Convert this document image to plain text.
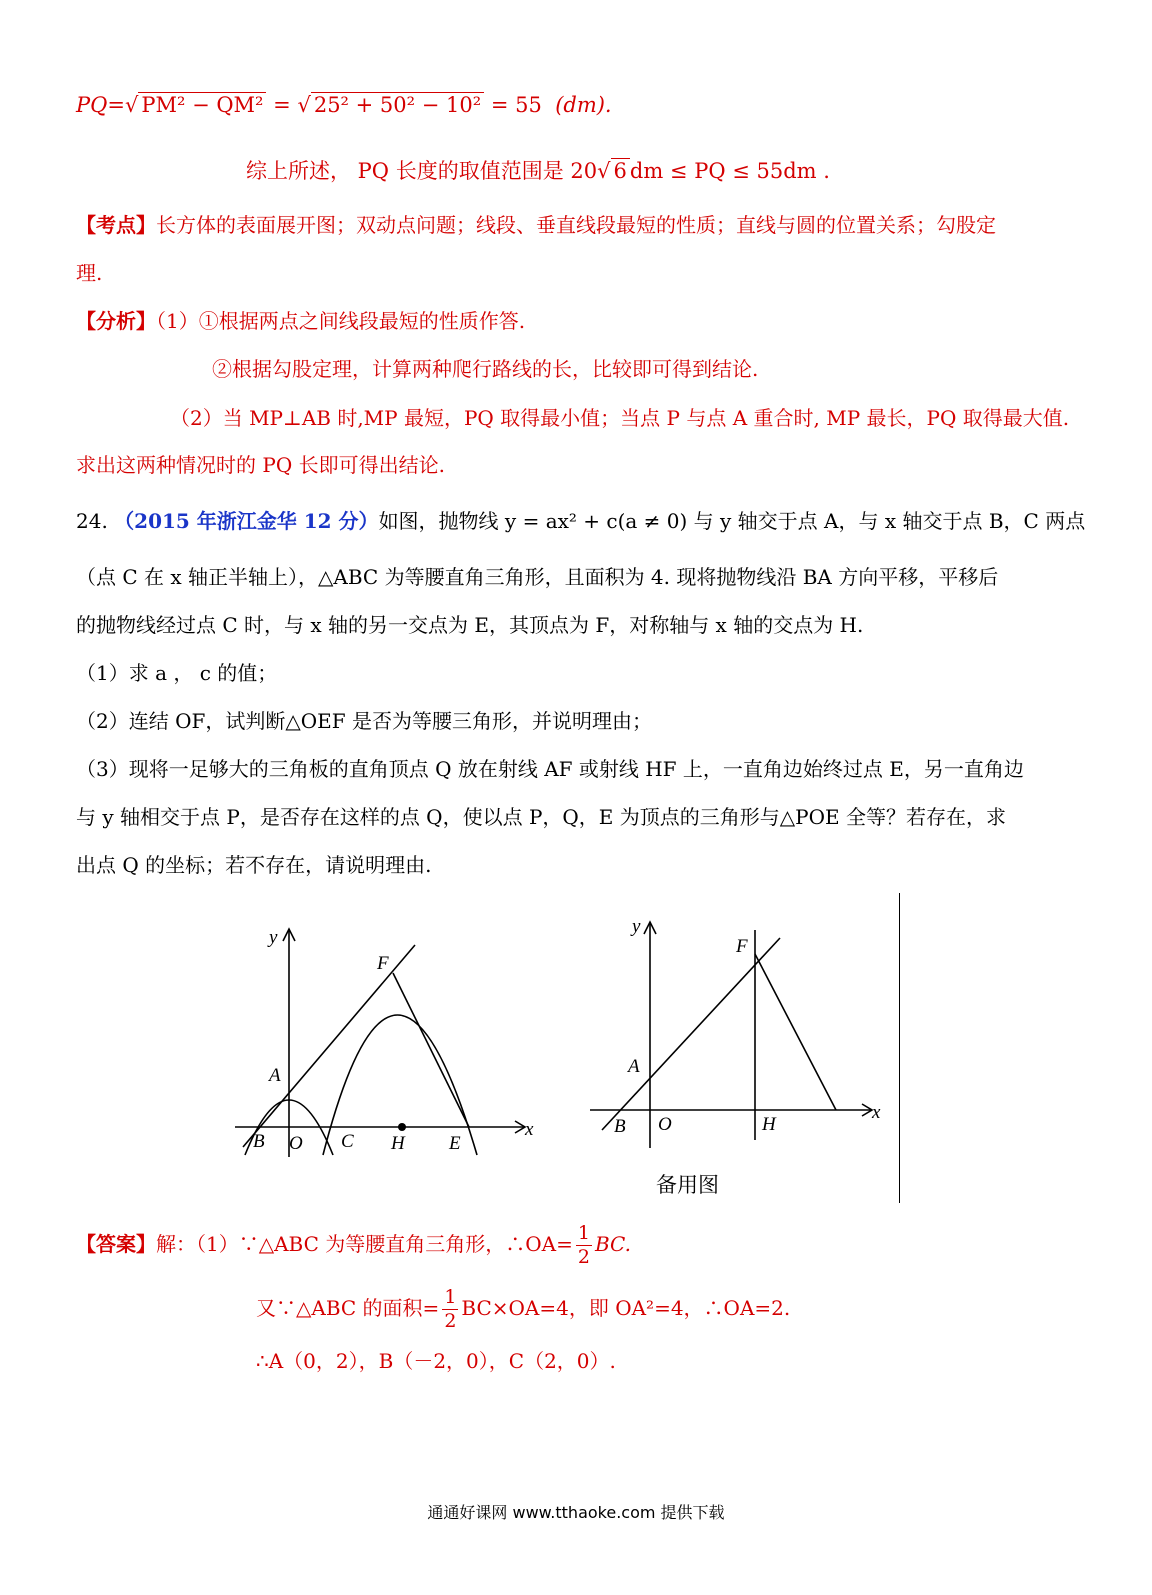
PQ=√ PM² − QM² = √ 25² + 50² − 10² = 55 (dm).
综上所述， PQ 长度的取值范围是 20√ 6 dm ≤ PQ ≤ 55dm .
【考点】长方体的表面展开图；双动点问题；线段、垂直线段最短的性质；直线与圆的位置关系；勾股定
理.
【分析】（1）①根据两点之间线段最短的性质作答.
②根据勾股定理，计算两种爬行路线的长，比较即可得到结论.
（2）当 MP⊥AB 时,MP 最短，PQ 取得最小值；当点 P 与点 A 重合时, MP 最长，PQ 取得最大值.
求出这两种情况时的 PQ 长即可得出结论.
24. （2015 年浙江金华 12 分）如图，抛物线 y = ax² + c(a ≠ 0) 与 y 轴交于点 A，与 x 轴交于点 B，C 两点
（点 C 在 x 轴正半轴上），△ABC 为等腰直角三角形，且面积为 4. 现将抛物线沿 BA 方向平移，平移后
的抛物线经过点 C 时，与 x 轴的另一交点为 E，其顶点为 F，对称轴与 x 轴的交点为 H.
（1）求 a ， c 的值；
（2）连结 OF，试判断△OEF 是否为等腰三角形，并说明理由；
（3）现将一足够大的三角板的直角顶点 Q 放在射线 AF 或射线 HF 上，一直角边始终过点 E，另一直角边
与 y 轴相交于点 P，是否存在这样的点 Q，使以点 P，Q，E 为顶点的三角形与△POE 全等？若存在，求
出点 Q 的坐标；若不存在，请说明理由.
y
x
F
A
B O C H E
y
x
F
A
B O	H
备用图
【答案】解：（1）∵△ABC 为等腰直角三角形，∴OA= $\frac{1}{2}$ BC.
又∵△ABC 的面积= $\frac{1}{2} BC\times OA=4$，即 OA²=4，∴OA=2.
∴A（0，2），B（－2，0），C（2，0）.
通通好课网 www.tthaoke.com 提供下载
